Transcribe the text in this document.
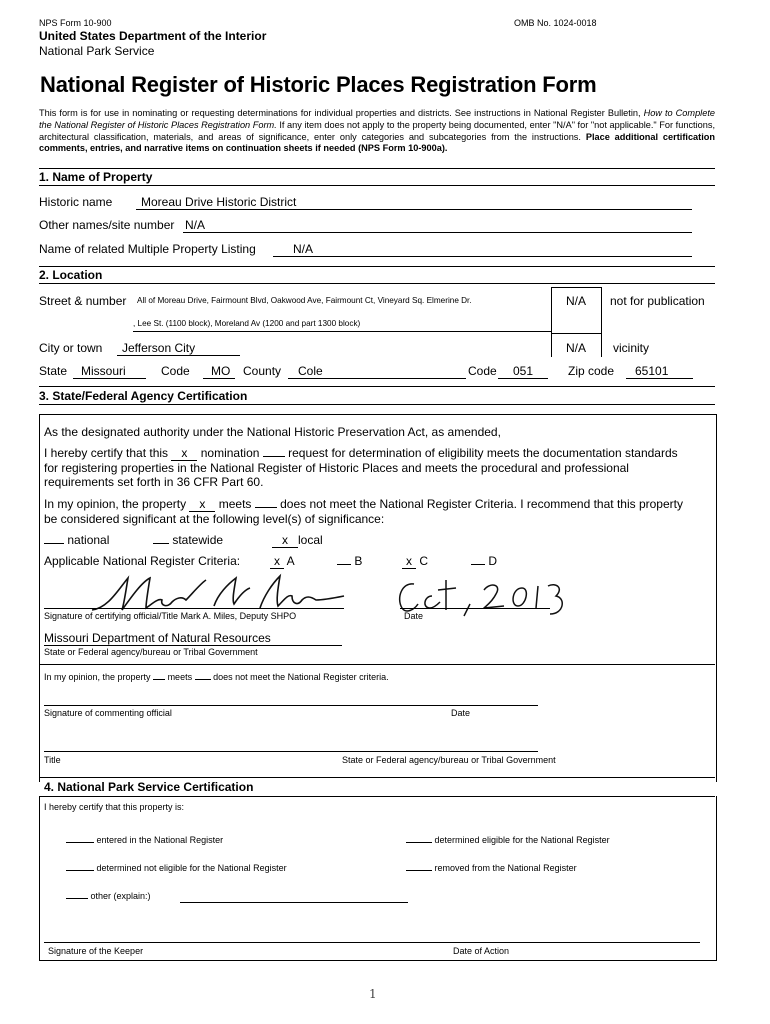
NPS Form 10-900	OMB No. 1024-0018
United States Department of the Interior
National Park Service
National Register of Historic Places Registration Form
This form is for use in nominating or requesting determinations for individual properties and districts. See instructions in National Register Bulletin, How to Complete the National Register of Historic Places Registration Form. If any item does not apply to the property being documented, enter "N/A" for "not applicable." For functions, architectural classification, materials, and areas of significance, enter only categories and subcategories from the instructions. Place additional certification comments, entries, and narrative items on continuation sheets if needed (NPS Form 10-900a).
1. Name of Property
Historic name Moreau Drive Historic District
Other names/site number N/A
Name of related Multiple Property Listing	N/A
2. Location
Street & number All of Moreau Drive, Fairmount Blvd, Oakwood Ave, Fairmount Ct, Vineyard Sq. Elmerine Dr.
, Lee St. (1100 block), Moreland Av (1200 and part 1300 block)
N/A not for publication
City or town Jefferson City	N/A vicinity
State Missouri	Code MO County Cole	Code 051	Zip code 65101
3. State/Federal Agency Certification
As the designated authority under the National Historic Preservation Act, as amended,
I hereby certify that this x nomination  request for determination of eligibility meets the documentation standards
for registering properties in the National Register of Historic Places and meets the procedural and professional
requirements set forth in 36 CFR Part 60.
In my opinion, the property x meets  does not meet the National Register Criteria. I recommend that this property
be considered significant at the following level(s) of significance:
national	statewide	x local
Applicable National Register Criteria:	x A	B	x C	D
Signature of certifying official/Title Mark A. Miles, Deputy SHPO	Date
Missouri Department of Natural Resources
State or Federal agency/bureau or Tribal Government
In my opinion, the property  meets  does not meet the National Register criteria.
Signature of commenting official	Date
Title	State or Federal agency/bureau or Tribal Government
4. National Park Service Certification
I hereby certify that this property is:
entered in the National Register	determined eligible for the National Register
determined not eligible for the National Register	removed from the National Register
other (explain:)
Signature of the Keeper	Date of Action
1
